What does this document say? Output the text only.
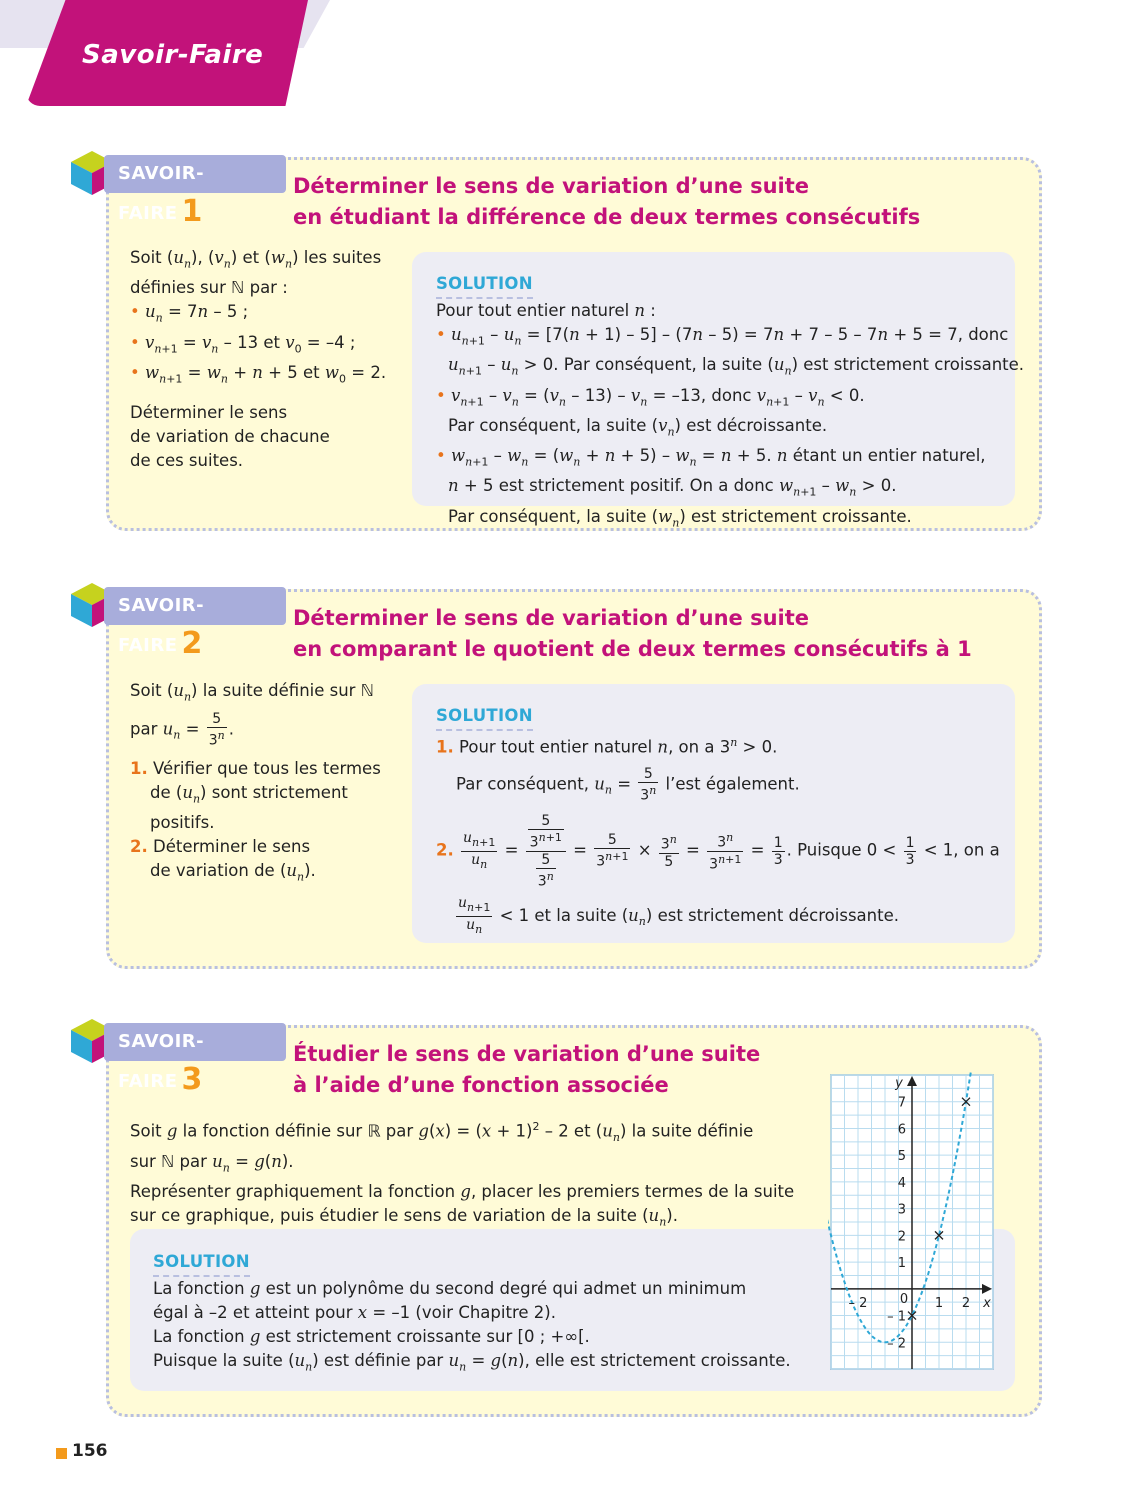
Savoir-Faire
SAVOIR-FAIRE 1
Déterminer le sens de variation d’une suite
en étudiant la différence de deux termes consécutifs
Soit $(u_n)$, $(v_n)$ et $(w_n)$ les suites
définies sur ℕ par :
• $u_n = 7n - 5$ ;
• $v_{n+1} = v_n - 13$ et $v_0 = -4$ ;
• $w_{n+1} = w_n + n + 5$ et $w_0 = 2$.
Déterminer le sens
de variation de chacune
de ces suites.
SOLUTION
Pour tout entier naturel n :
• $u_{n+1} - u_n = [7(n + 1) - 5] - (7n - 5) = 7n + 7 - 5 - 7n + 5 = 7$, donc
$u_{n+1} - u_n > 0$. Par conséquent, la suite $(u_n)$ est strictement croissante.
• $v_{n+1} - v_n = (v_n - 13) - v_n = -13$, donc $v_{n+1} - v_n < 0$.
Par conséquent, la suite $(v_n)$ est décroissante.
• $w_{n+1} - w_n = (w_n + n + 5) - w_n = n + 5$. n étant un entier naturel,
n + 5 est strictement positif. On a donc $w_{n+1} - w_n > 0$.
Par conséquent, la suite $(w_n)$ est strictement croissante.
SAVOIR-FAIRE 2
Déterminer le sens de variation d’une suite
en comparant le quotient de deux termes consécutifs à 1
Soit $(u_n)$ la suite définie sur ℕ
par $u_n = \frac{5}{3^n}$ .
1. Vérifier que tous les termes
de $(u_n)$ sont strictement
positifs.
2. Déterminer le sens
de variation de $(u_n)$.
SOLUTION
1. Pour tout entier naturel n, on a $3^n > 0$.
Par conséquent, $u_n = \frac{5}{3^n}$ l’est également.
2. $\frac{u_{n+1}}{u_n} = \frac{\frac{5}{3^{n+1}}}{\frac{5}{3^n}} = \frac{5}{3^{n+1}} \times \frac{3^n}{5} = \frac{3^n}{3^{n+1}} = \frac{1}{3}$ . Puisque $0 < \frac{1}{3} < 1$, on a
$\frac{u_{n+1}}{u_n} < 1$ et la suite $(u_n)$ est strictement décroissante.
SAVOIR-FAIRE 3
Étudier le sens de variation d’une suite
à l’aide d’une fonction associée
Soit g la fonction définie sur ℝ par $g(x) = (x + 1)^2 - 2$ et $(u_n)$ la suite définie
sur ℕ par $u_n = g(n)$.
Représenter graphiquement la fonction g, placer les premiers termes de la suite
sur ce graphique, puis étudier le sens de variation de la suite $(u_n)$.
SOLUTION
La fonction g est un polynôme du second degré qui admet un minimum
égal à –2 et atteint pour x = –1 (voir Chapitre 2).
La fonction g est strictement croissante sur [0 ; +∞[.
Puisque la suite $(u_n)$ est définie par $u_n = g(n)$, elle est strictement croissante.
– 2
– 1
1
2
3
4
5
6
7
– 2	1 2
0	x
y
156
